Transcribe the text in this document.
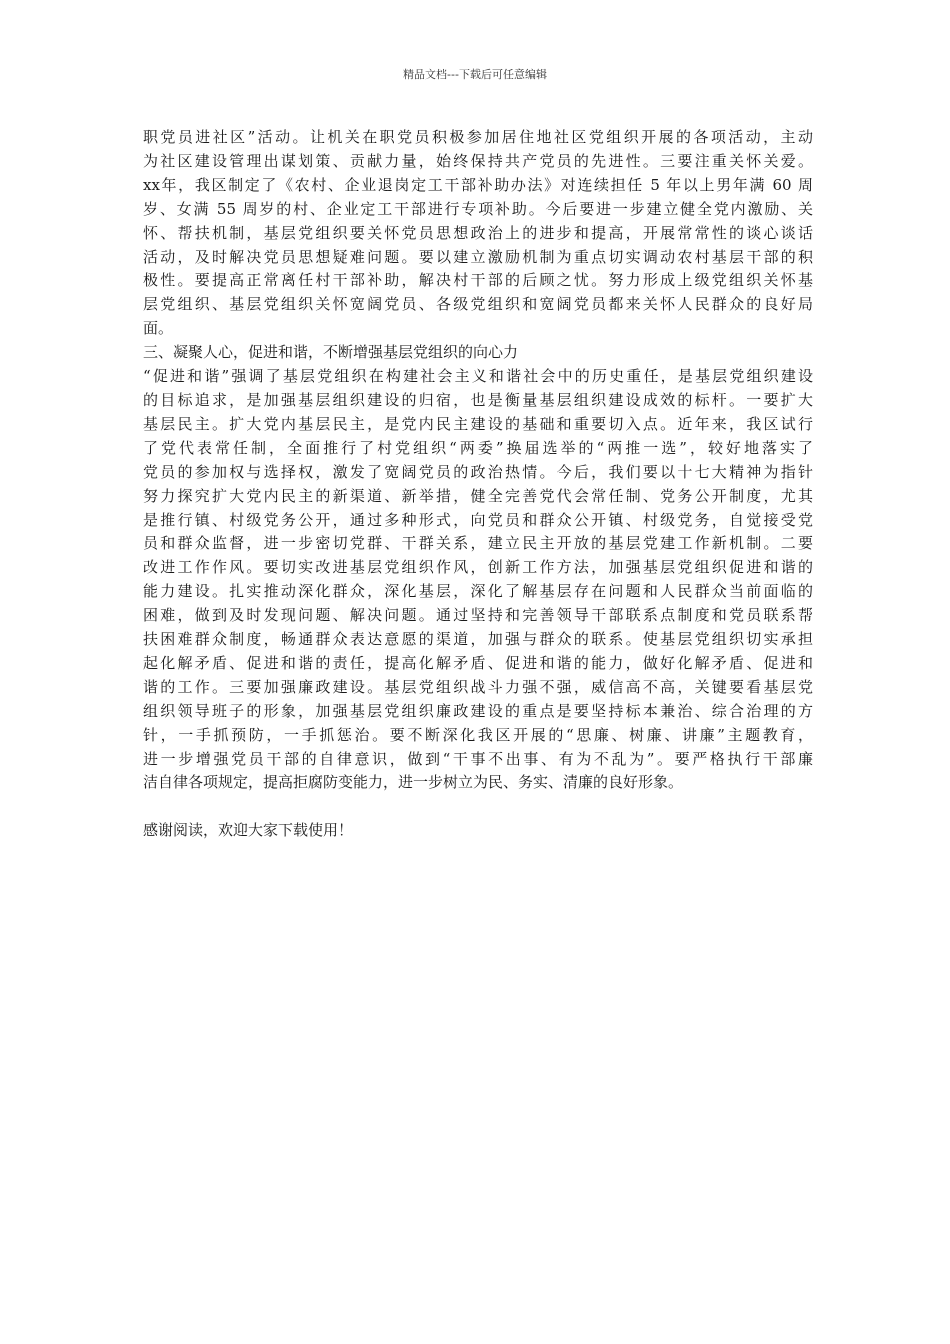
精品文档---下载后可任意编辑
职党员进社区”活动。让机关在职党员积极参加居住地社区党组织开展的各项活动，主动
为社区建设管理出谋划策、贡献力量，始终保持共产党员的先进性。三要注重关怀关爱。
xx年，我区制定了《农村、企业退岗定工干部补助办法》对连续担任 5 年以上男年满 60 周
岁、女满 55 周岁的村、企业定工干部进行专项补助。今后要进一步建立健全党内激励、关
怀、帮扶机制，基层党组织要关怀党员思想政治上的进步和提高，开展常常性的谈心谈话
活动，及时解决党员思想疑难问题。要以建立激励机制为重点切实调动农村基层干部的积
极性。要提高正常离任村干部补助，解决村干部的后顾之忧。努力形成上级党组织关怀基
层党组织、基层党组织关怀宽阔党员、各级党组织和宽阔党员都来关怀人民群众的良好局
面。
三、凝聚人心，促进和谐，不断增强基层党组织的向心力
“促进和谐”强调了基层党组织在构建社会主义和谐社会中的历史重任，是基层党组织建设
的目标追求，是加强基层组织建设的归宿，也是衡量基层组织建设成效的标杆。一要扩大
基层民主。扩大党内基层民主，是党内民主建设的基础和重要切入点。近年来，我区试行
了党代表常任制，全面推行了村党组织“两委”换届选举的“两推一选”，较好地落实了
党员的参加权与选择权，激发了宽阔党员的政治热情。今后，我们要以十七大精神为指针
努力探究扩大党内民主的新渠道、新举措，健全完善党代会常任制、党务公开制度，尤其
是推行镇、村级党务公开，通过多种形式，向党员和群众公开镇、村级党务，自觉接受党
员和群众监督，进一步密切党群、干群关系，建立民主开放的基层党建工作新机制。二要
改进工作作风。要切实改进基层党组织作风，创新工作方法，加强基层党组织促进和谐的
能力建设。扎实推动深化群众，深化基层，深化了解基层存在问题和人民群众当前面临的
困难，做到及时发现问题、解决问题。通过坚持和完善领导干部联系点制度和党员联系帮
扶困难群众制度，畅通群众表达意愿的渠道，加强与群众的联系。使基层党组织切实承担
起化解矛盾、促进和谐的责任，提高化解矛盾、促进和谐的能力，做好化解矛盾、促进和
谐的工作。三要加强廉政建设。基层党组织战斗力强不强，威信高不高，关键要看基层党
组织领导班子的形象，加强基层党组织廉政建设的重点是要坚持标本兼治、综合治理的方
针，一手抓预防，一手抓惩治。要不断深化我区开展的“思廉、树廉、讲廉”主题教育，
进一步增强党员干部的自律意识，做到“干事不出事、有为不乱为”。要严格执行干部廉
洁自律各项规定，提高拒腐防变能力，进一步树立为民、务实、清廉的良好形象。
感谢阅读，欢迎大家下载使用！
